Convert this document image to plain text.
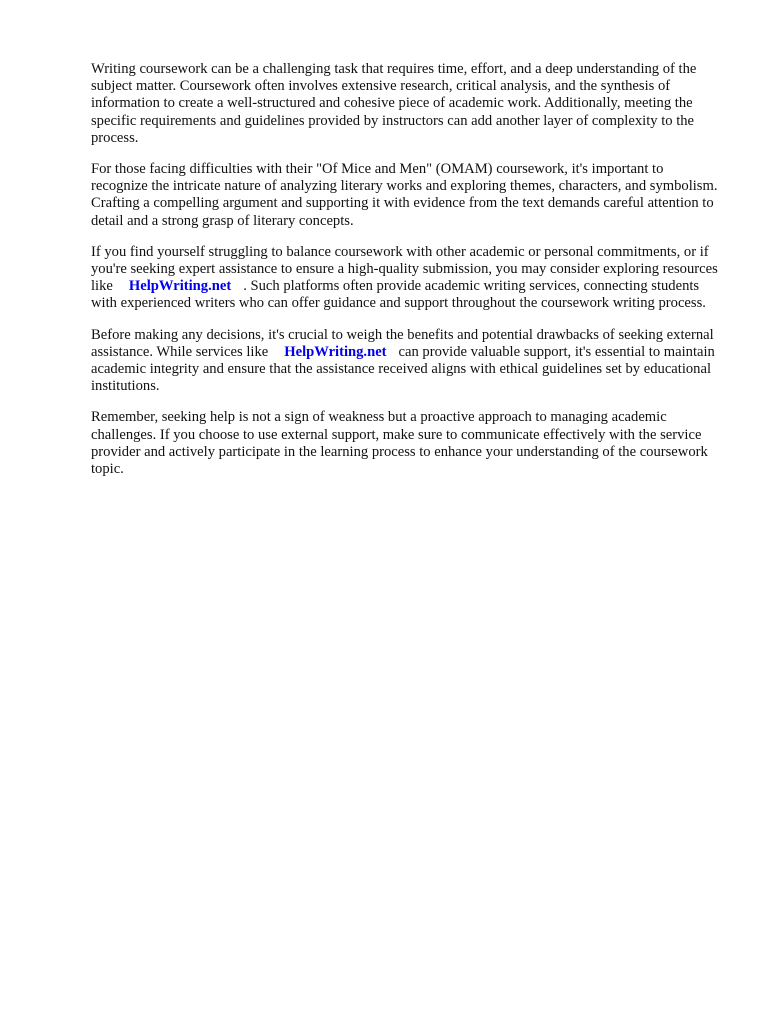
Writing coursework can be a challenging task that requires time, effort, and a deep understanding of the subject matter. Coursework often involves extensive research, critical analysis, and the synthesis of information to create a well-structured and cohesive piece of academic work. Additionally, meeting the specific requirements and guidelines provided by instructors can add another layer of complexity to the process.

For those facing difficulties with their "Of Mice and Men" (OMAM) coursework, it's important to recognize the intricate nature of analyzing literary works and exploring themes, characters, and symbolism. Crafting a compelling argument and supporting it with evidence from the text demands careful attention to detail and a strong grasp of literary concepts.

If you find yourself struggling to balance coursework with other academic or personal commitments, or if you're seeking expert assistance to ensure a high-quality submission, you may consider exploring resources like HelpWriting.net . Such platforms often provide academic writing services, connecting students with experienced writers who can offer guidance and support throughout the coursework writing process.

Before making any decisions, it's crucial to weigh the benefits and potential drawbacks of seeking external assistance. While services like HelpWriting.net can provide valuable support, it's essential to maintain academic integrity and ensure that the assistance received aligns with ethical guidelines set by educational institutions.

Remember, seeking help is not a sign of weakness but a proactive approach to managing academic challenges. If you choose to use external support, make sure to communicate effectively with the service provider and actively participate in the learning process to enhance your understanding of the coursework topic.
